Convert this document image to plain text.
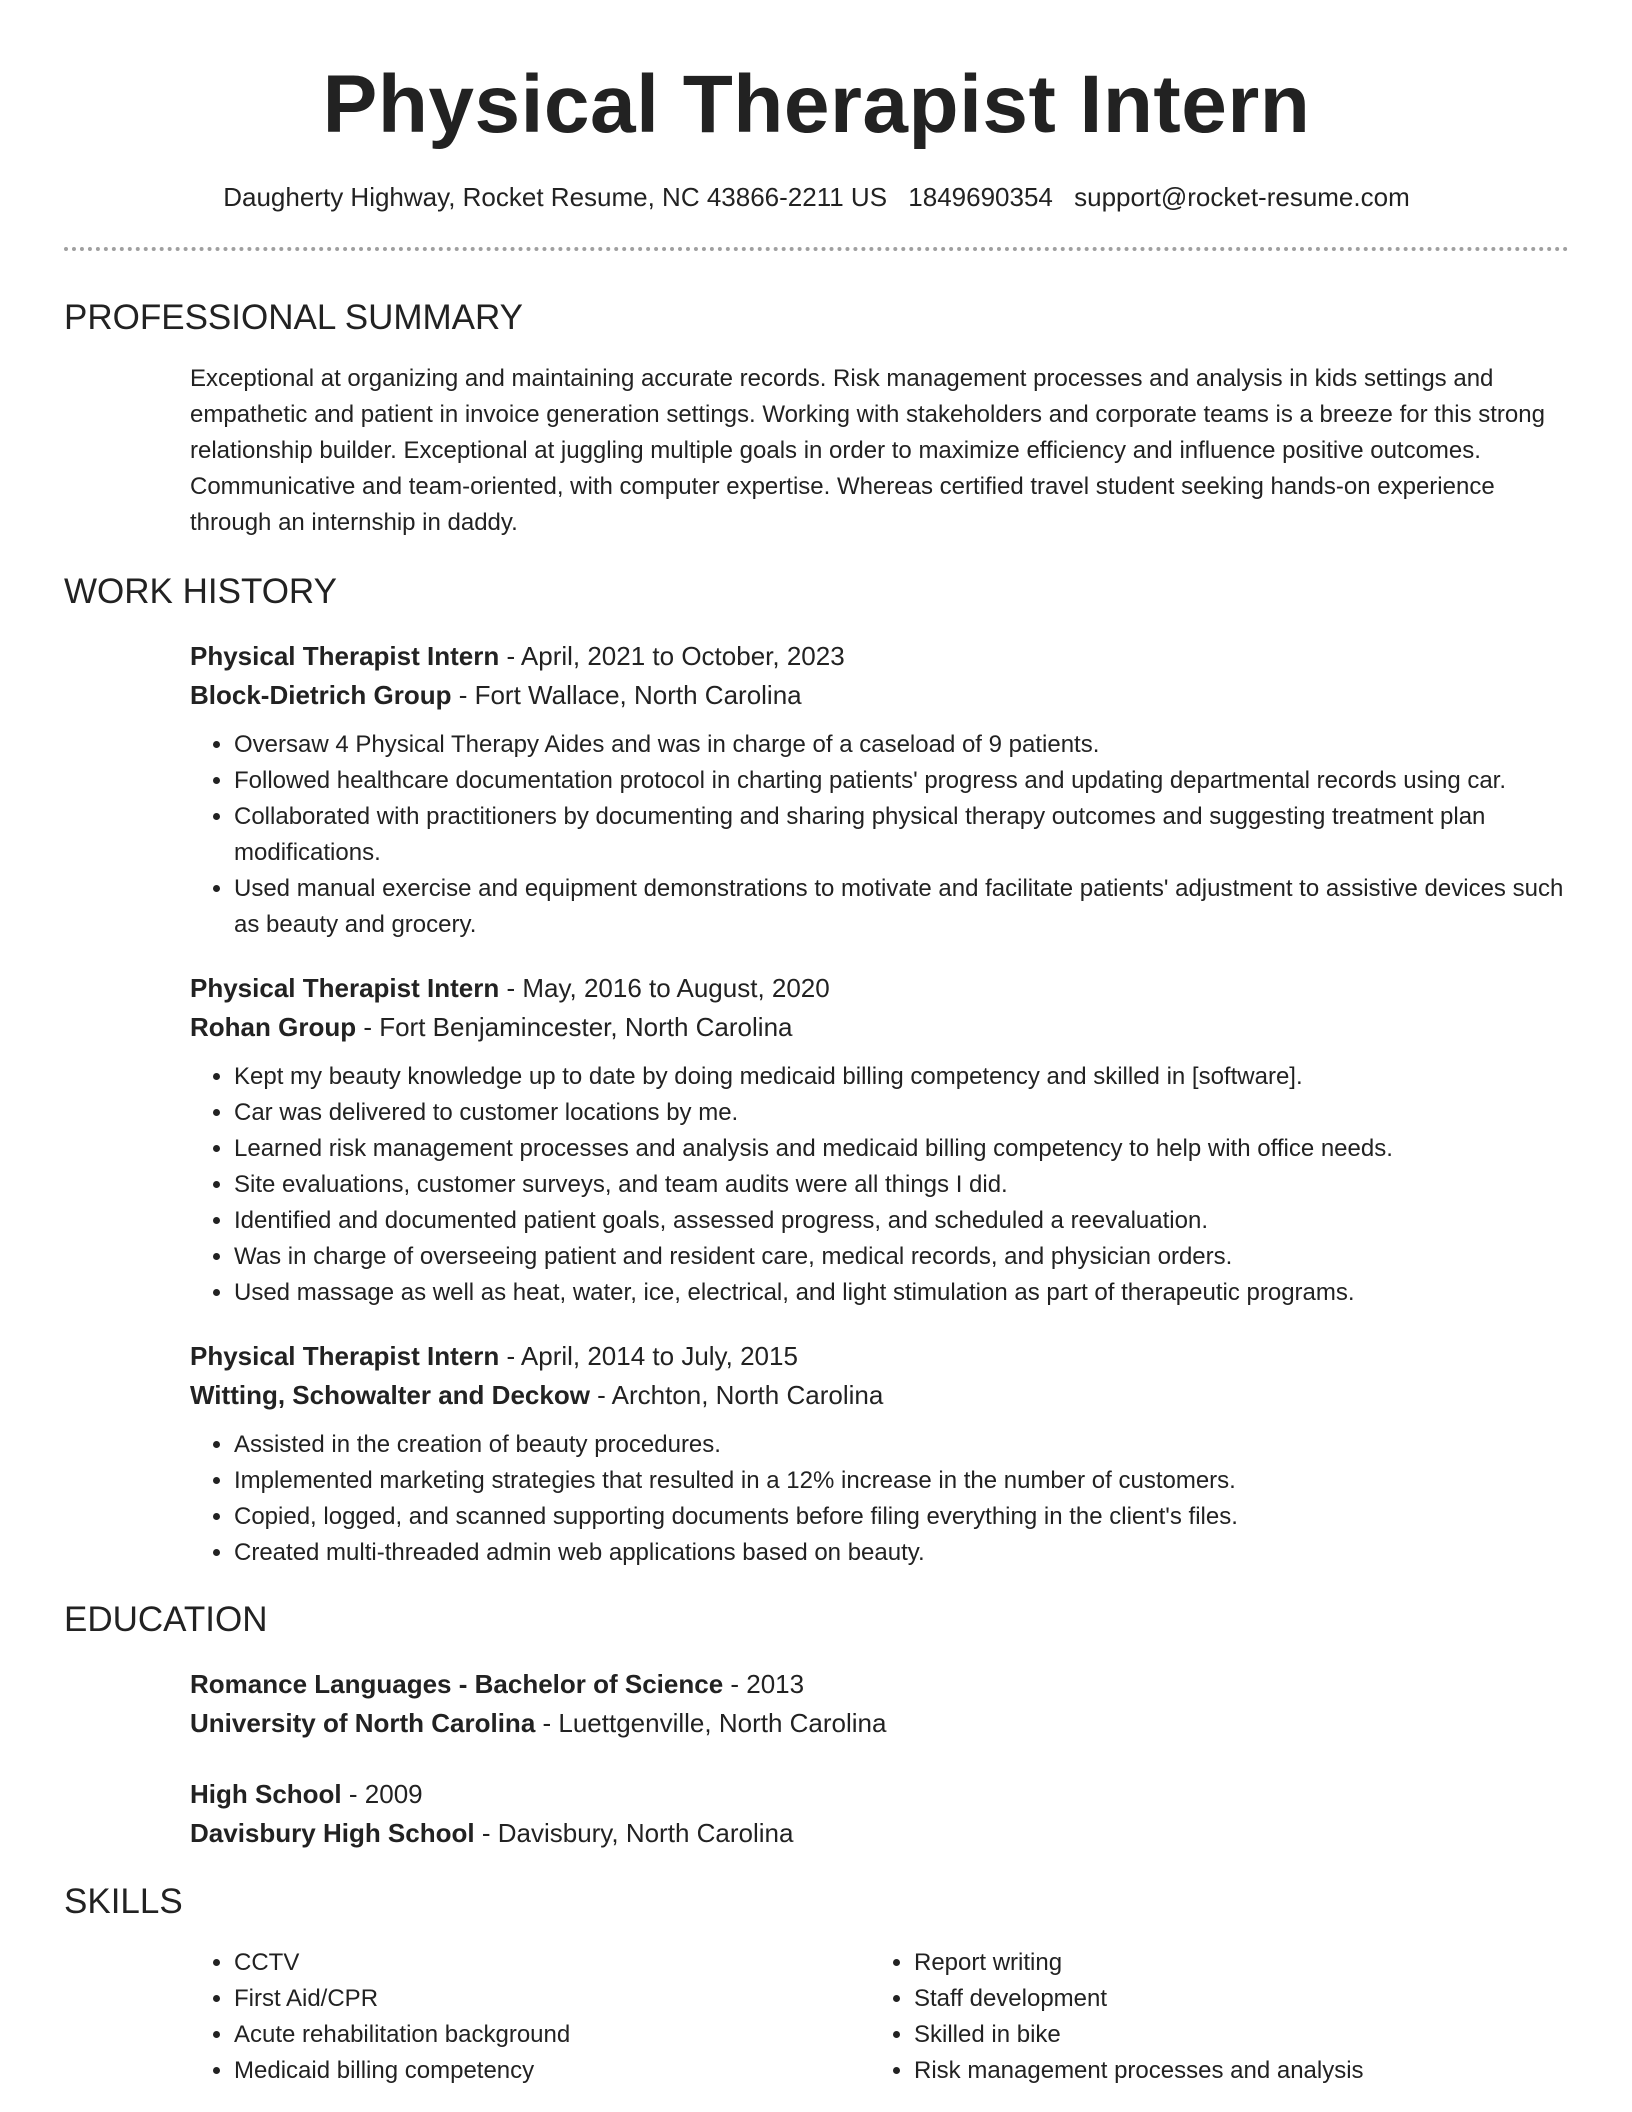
Physical Therapist Intern
Daugherty Highway, Rocket Resume, NC 43866-2211 US 1849690354 support@rocket-resume.com
PROFESSIONAL SUMMARY
Exceptional at organizing and maintaining accurate records. Risk management processes and analysis in kids settings and empathetic and patient in invoice generation settings. Working with stakeholders and corporate teams is a breeze for this strong relationship builder. Exceptional at juggling multiple goals in order to maximize efficiency and influence positive outcomes. Communicative and team-oriented, with computer expertise. Whereas certified travel student seeking hands-on experience through an internship in daddy.
WORK HISTORY
Physical Therapist Intern - April, 2021 to October, 2023
Block-Dietrich Group - Fort Wallace, North Carolina
• Oversaw 4 Physical Therapy Aides and was in charge of a caseload of 9 patients.
• Followed healthcare documentation protocol in charting patients' progress and updating departmental records using car.
• Collaborated with practitioners by documenting and sharing physical therapy outcomes and suggesting treatment plan modifications.
• Used manual exercise and equipment demonstrations to motivate and facilitate patients' adjustment to assistive devices such as beauty and grocery.
Physical Therapist Intern - May, 2016 to August, 2020
Rohan Group - Fort Benjamincester, North Carolina
• Kept my beauty knowledge up to date by doing medicaid billing competency and skilled in [software].
• Car was delivered to customer locations by me.
• Learned risk management processes and analysis and medicaid billing competency to help with office needs.
• Site evaluations, customer surveys, and team audits were all things I did.
• Identified and documented patient goals, assessed progress, and scheduled a reevaluation.
• Was in charge of overseeing patient and resident care, medical records, and physician orders.
• Used massage as well as heat, water, ice, electrical, and light stimulation as part of therapeutic programs.
Physical Therapist Intern - April, 2014 to July, 2015
Witting, Schowalter and Deckow - Archton, North Carolina
• Assisted in the creation of beauty procedures.
• Implemented marketing strategies that resulted in a 12% increase in the number of customers.
• Copied, logged, and scanned supporting documents before filing everything in the client's files.
• Created multi-threaded admin web applications based on beauty.
EDUCATION
Romance Languages - Bachelor of Science - 2013
University of North Carolina - Luettgenville, North Carolina
High School - 2009
Davisbury High School - Davisbury, North Carolina
SKILLS
• CCTV
• First Aid/CPR
• Acute rehabilitation background
• Medicaid billing competency
• Report writing
• Staff development
• Skilled in bike
• Risk management processes and analysis
